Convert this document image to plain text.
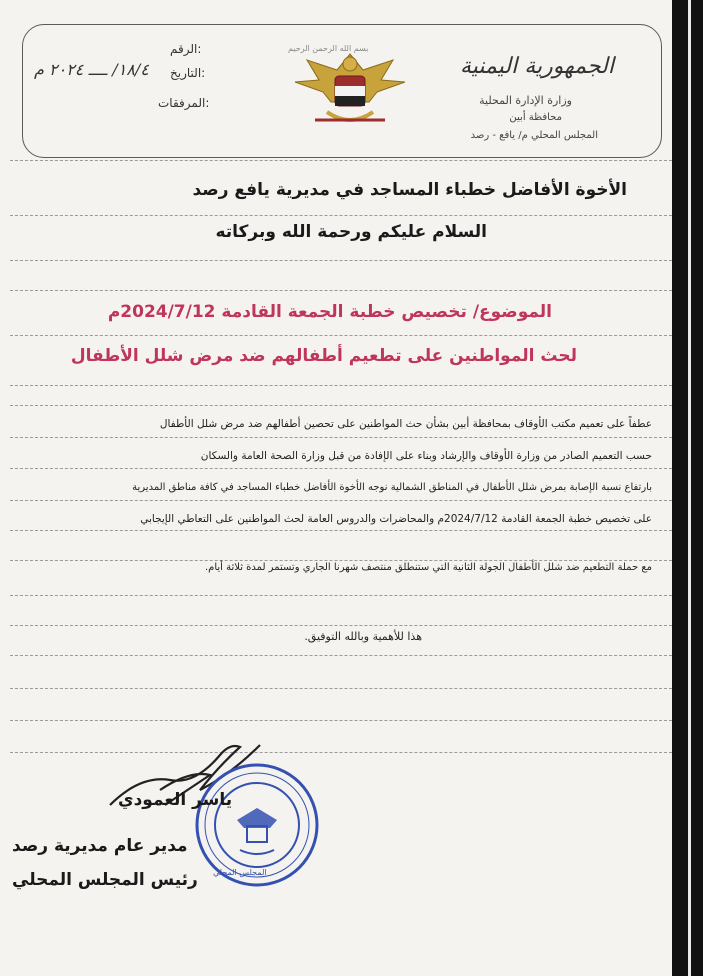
الرقم:
التاريخ:
١٨/٤/ ــــ ٢٠٢٤ م
المرفقات:
بسم الله الرحمن الرحيم
الجمهورية اليمنية
وزارة الإدارة المحلية
محافظة أبين
المجلس المحلي م/ يافع - رصد
الأخوة الأفاضل خطباء المساجد في مديرية يافع رصد
السلام عليكم ورحمة الله وبركاته
الموضوع/ تخصيص خطبة الجمعة القادمة 2024/7/12م
لحث المواطنين على تطعيم أطفالهم ضد مرض شلل الأطفال
عطفاً على تعميم مكتب الأوقاف بمحافظة أبين بشأن حث المواطنين على تحصين أطفالهم ضد مرض شلل الأطفال
حسب التعميم الصادر من وزارة الأوقاف والإرشاد وبناء على الإفادة من قبل وزارة الصحة العامة والسكان
بارتفاع نسبة الإصابة بمرض شلل الأطفال في المناطق الشمالية نوجه الأخوة الأفاضل خطباء المساجد في كافة مناطق المديرية
على تخصيص خطبة الجمعة القادمة 2024/7/12م والمحاضرات والدروس العامة لحث المواطنين على التعاطي الإيجابي
مع حملة التطعيم ضد شلل الأطفال الجولة الثانية التي ستنطلق منتصف شهرنا الجاري وتستمر لمدة ثلاثة أيام.
هذا للأهمية وبالله التوفيق.
المجلس المحلي
ياسر العمودي
مدير عام مديرية رصد
رئيس المجلس المحلي
